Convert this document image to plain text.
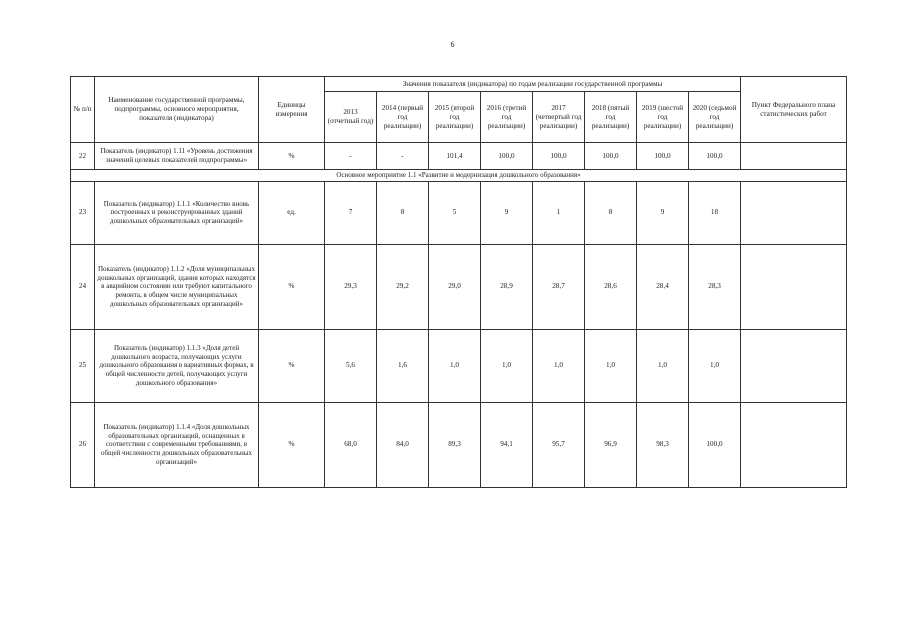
6
№ п/п	Наименование государственной программы, подпрограммы, основного мероприятия, показателя (индикатора)	Единицы измерения	Значения показателя (индикатора) по годам реализации государственной программы								Пункт Федерального плана статистических работ
			2013 (отчетный год)	2014 (первый год реализации)	2015 (второй год реализации)	2016 (третий год реализации)	2017 (четвертый год реализации)	2018 (пятый год реализации)	2019 (шестой год реализации)	2020 (седьмой год реализации)	
22	Показатель (индикатор) 1.11 «Уровень достижения значений целевых показателей подпрограммы»	%	-	-	101,4	100,0	100,0	100,0	100,0	100,0	
Основное мероприятие 1.1 «Развитие и модернизация дошкольного образования»											
23	Показатель (индикатор) 1.1.1 «Количество вновь построенных и реконструированных зданий дошкольных образовательных организаций»	ед.	7	8	5	9	1	8	9	18	
24	Показатель (индикатор) 1.1.2 «Доля муниципальных дошкольных организаций, здания которых находятся в аварийном состоянии или требуют капитального ремонта, в общем числе муниципальных дошкольных образовательных организаций»	%	29,3	29,2	29,0	28,9	28,7	28,6	28,4	28,3	
25	Показатель (индикатор) 1.1.3 «Доля детей дошкольного возраста, получающих услуги дошкольного образования в вариативных формах, в общей численности детей, получающих услуги дошкольного образования»	%	5,6	1,6	1,0	1,0	1,0	1,0	1,0	1,0	
26	Показатель (индикатор) 1.1.4 «Доля дошкольных образовательных организаций, оснащенных в соответствии с современными требованиями, в общей численности дошкольных образовательных организаций»	%	68,0	84,0	89,3	94,1	95,7	96,9	98,3	100,0	
